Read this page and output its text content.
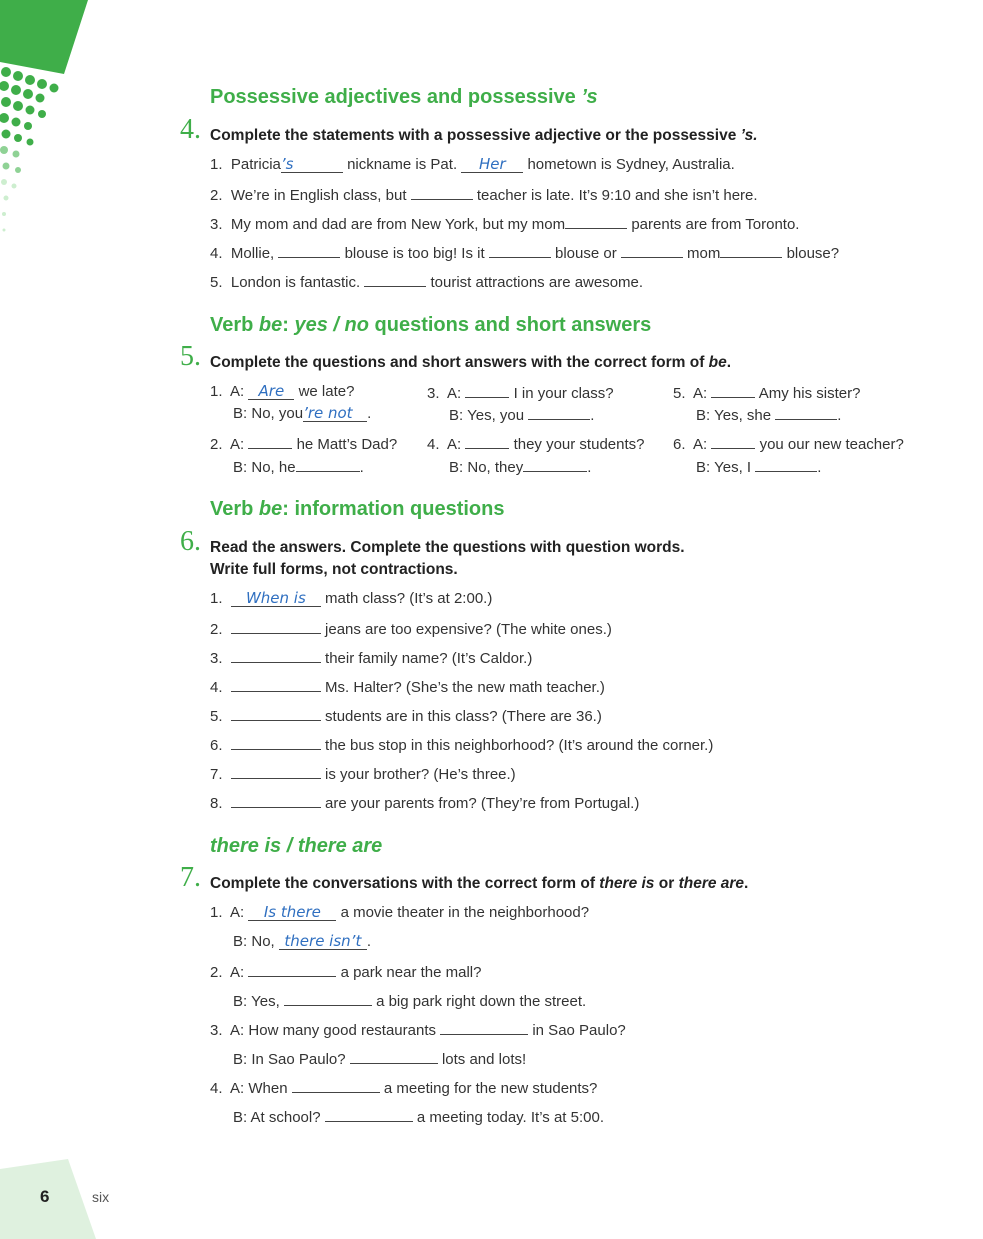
Possessive adjectives and possessive ’s
4. Complete the statements with a possessive adjective or the possessive ’s.
1. Patricia’s	nickname is Pat. Her hometown is Sydney, Australia.
2. We’re in English class, but	teacher is late. It’s 9:10 and she isn’t here.
3. My mom and dad are from New York, but my mom	parents are from Toronto.
4. Mollie,	blouse is too big! Is it	blouse or	mom	blouse?
5. London is fantastic.	tourist attractions are awesome.
Verb be: yes / no questions and short answers
5. Complete the questions and short answers with the correct form of be.
1. A: Are we late?
B: No, you’re not .
2. A:	he Matt’s Dad?
B: No, he	.
3. A:	I in your class?
B: Yes, you	.
4. A:	they your students?
B: No, they	.
5. A:	Amy his sister?
B: Yes, she	.
6. A:	you our new teacher?
B: Yes, I	.
Verb be: information questions
6. Read the answers. Complete the questions with question words.
Write full forms, not contractions.
1. When is math class? (It’s at 2:00.)
2.	jeans are too expensive? (The white ones.)
3.	their family name? (It’s Caldor.)
4.	Ms. Halter? (She’s the new math teacher.)
5.	students are in this class? (There are 36.)
6.	the bus stop in this neighborhood? (It’s around the corner.)
7.	is your brother? (He’s three.)
8.	are your parents from? (They’re from Portugal.)
there is / there are
7. Complete the conversations with the correct form of there is or there are.
1. A: Is there a movie theater in the neighborhood?
B: No, there isn’t .
2. A:	a park near the mall?
B: Yes,	a big park right down the street.
3. A: How many good restaurants	in Sao Paulo?
B: In Sao Paulo?	lots and lots!
4. A: When	a meeting for the new students?
B: At school?	a meeting today. It’s at 5:00.
6	six
